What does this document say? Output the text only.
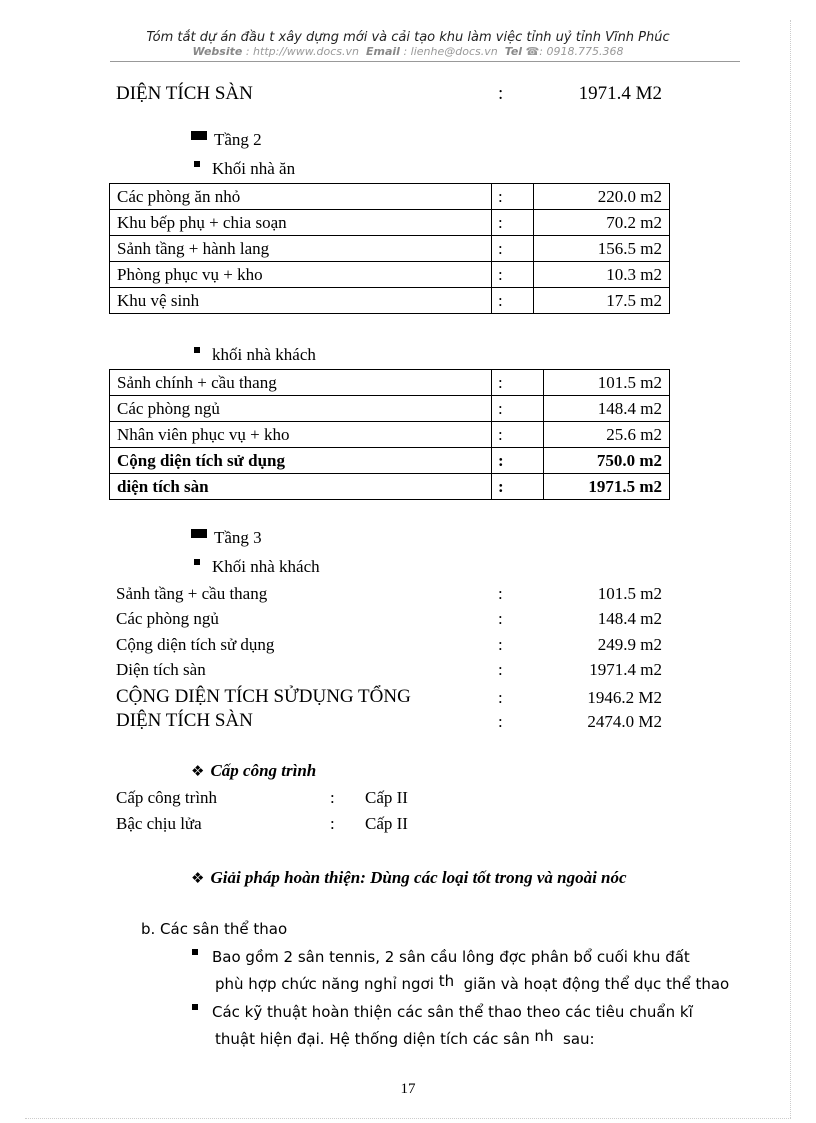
Tóm tắt dự án đầu t xây dựng mới và cải tạo khu làm việc tỉnh uỷ tỉnh Vĩnh Phúc
Website : http://www.docs.vn Email : lienhe@docs.vn Tel ☎: 0918.775.368
DIỆN TÍCH SÀN	:	1971.4 M2
Tầng 2
Khối nhà ăn
Các phòng ăn nhỏ	:	220.0 m2
Khu bếp phụ + chia soạn	:	70.2 m2
Sảnh tầng + hành lang	:	156.5 m2
Phòng phục vụ + kho	:	10.3 m2
Khu vệ sinh	:	17.5 m2
khối nhà khách
Sảnh chính + cầu thang	:	101.5 m2
Các phòng ngủ	:	148.4 m2
Nhân viên phục vụ + kho	:	25.6 m2
Cộng diện tích sử dụng	:	750.0 m2
diện tích sàn	:	1971.5 m2
Tầng 3
Khối nhà khách
Sảnh tầng + cầu thang	:	101.5 m2
Các phòng ngủ	:	148.4 m2
Cộng diện tích sử dụng	:	249.9 m2
Diện tích sàn	:	1971.4 m2
CỘNG DIỆN TÍCH SỬDỤNG TỔNG	:	1946.2 M2
DIỆN TÍCH SÀN	:	2474.0 M2
❖ Cấp công trình
Cấp công trình	: Cấp II
Bậc chịu lửa	: Cấp II
❖ Giải pháp hoàn thiện: Dùng các loại tốt trong và ngoài nóc
b. Các sân thể thao
Bao gồm 2 sân tennis, 2 sân cầu lông đợc phân bổ cuối khu đất
phù hợp chức năng nghỉ ngơi th giãn và hoạt động thể dục thể thao
Các kỹ thuật hoàn thiện các sân thể thao theo các tiêu chuẩn kĩ
thuật hiện đại. Hệ thống diện tích các sân nh sau:
17
